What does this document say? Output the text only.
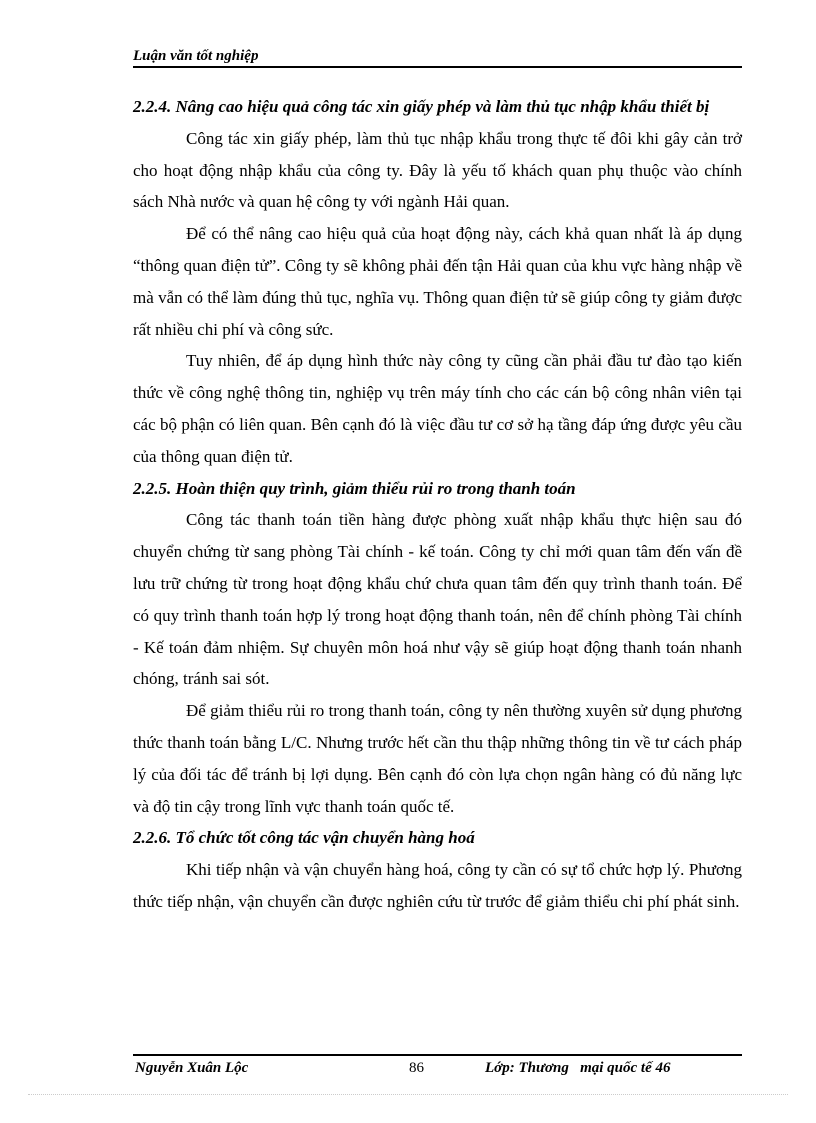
Luận văn tốt nghiệp
2.2.4. Nâng cao hiệu quả công tác xin giấy phép và làm thủ tục nhập khẩu thiết bị

Công tác xin giấy phép, làm thủ tục nhập khẩu trong thực tế đôi khi gây cản trở cho hoạt động nhập khẩu của công ty. Đây là yếu tố khách quan phụ thuộc vào chính sách Nhà nước và quan hệ công ty với ngành Hải quan.

Để có thể nâng cao hiệu quả của hoạt động này, cách khả quan nhất là áp dụng “thông quan điện tử”. Công ty sẽ không phải đến tận Hải quan của khu vực hàng nhập về mà vẫn có thể làm đúng thủ tục, nghĩa vụ. Thông quan điện tử sẽ giúp công ty giảm được rất nhiều chi phí và công sức.

Tuy nhiên, để áp dụng hình thức này công ty cũng cần phải đầu tư đào tạo kiến thức về công nghệ thông tin, nghiệp vụ trên máy tính cho các cán bộ công nhân viên tại các bộ phận có liên quan. Bên cạnh đó là việc đầu tư cơ sở hạ tầng đáp ứng được yêu cầu của thông quan điện tử.

2.2.5. Hoàn thiện quy trình, giảm thiểu rủi ro trong thanh toán

Công tác thanh toán tiền hàng được phòng xuất nhập khẩu thực hiện sau đó chuyển chứng từ sang phòng Tài chính - kế toán. Công ty chỉ mới quan tâm đến vấn đề lưu trữ chứng từ trong hoạt động khẩu chứ chưa quan tâm đến quy trình thanh toán. Để có quy trình thanh toán hợp lý trong hoạt động thanh toán, nên để chính phòng Tài chính - Kế toán đảm nhiệm. Sự chuyên môn hoá như vậy sẽ giúp hoạt động thanh toán nhanh chóng, tránh sai sót.

Để giảm thiểu rủi ro trong thanh toán, công ty nên thường xuyên sử dụng phương thức thanh toán bằng L/C. Nhưng trước hết cần thu thập những thông tin về tư cách pháp lý của đối tác để tránh bị lợi dụng. Bên cạnh đó còn lựa chọn ngân hàng có đủ năng lực và độ tin cậy trong lĩnh vực thanh toán quốc tế.

2.2.6. Tổ chức tốt công tác vận chuyển hàng hoá

Khi tiếp nhận và vận chuyển hàng hoá, công ty cần có sự tổ chức hợp lý. Phương thức tiếp nhận, vận chuyển cần được nghiên cứu từ trước để giảm thiểu chi phí phát sinh.

Nguyễn Xuân Lộc	86	Lớp: Thương   mại quốc tế 46
